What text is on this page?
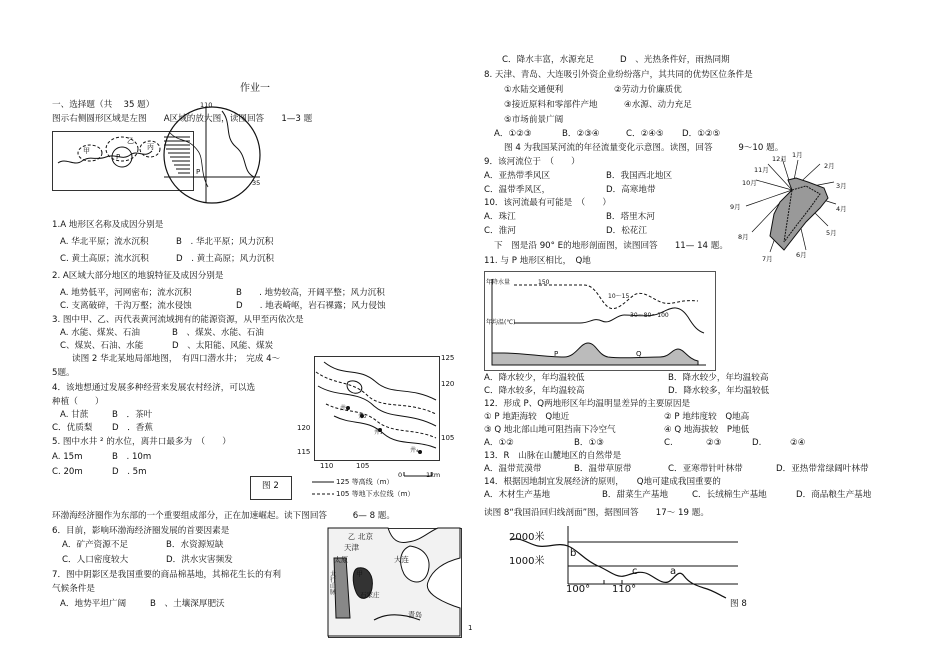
作业一
一、选择题（共　 35 题）
图示右侧圆形区域是左图　　A区域的放大图，读图回答　　1—3 题
甲
乙
丙
P
110
35
P
1.A 地形区名称及成因分别是
A. 华北平原；流水沉积	B　. 华北平原；风力沉积
C. 黄土高原；流水沉积	D　. 黄土高原；风力沉积
2. A区域大部分地区的地貌特征及成因分别是
A. 地势低平，河网密布；流水沉积	B　　. 地势较高，开阔平整；风力沉积
C. 支离破碎，千沟万壑；流水侵蚀	D　　. 地表崎岖，岩石裸露；风力侵蚀
3. 图中甲、乙、丙代表黄河流域拥有的能源资源，从甲至丙依次是
A. 水能、煤炭、石油	B　、煤炭、水能、石油
C、煤炭、石油、水能	D　、太阳能、风能、煤炭
读图 2 华北某地局部地图，　有四口潜水井；　完成 4～
5题。
4．该地想通过发展多种经营来发展农村经济，可以选
种植（　　）
A. 甘蔗	B　．茶叶
C．优质梨 D　．香蕉
5. 图中水井 ² 的水位，离井口最多为　（　　）
A. 15m	B　. 10m
C. 20m	D　. 5m
井₁
井₂
井₃
井₄
125
120
105
120
115
110	105
0	1km
125 等高线（m）
105 等地下水位线（m）
图 2
环渤海经济圈作为东部的一个重要组成部分，正在加速崛起。读下图回答　　　6— 8 题。
6．目前，影响环渤海经济圈发展的首要因素是
A．矿产资源不足	B．水资源短缺
C．人口密度较大	D．洪水灾害频发
7．图中阴影区是我国重要的商品棉基地，其棉花生长的有利
气候条件是
A．地势平坦广阔	B　、土壤深厚肥沃
乙 北京
天津
太原	大连
甲
石家庄
青岛
太行山脉
1
C．降水丰富，水源充足	D　、光热条件好，雨热同期
8. 天津、青岛、大连吸引外资企业纷纷落户，其共同的优势区位条件是
①水陆交通便利	②劳动力价廉质优
③接近原料和零部件产地	④水源、动力充足
⑤市场前景广阔
A．①②③	B．②③④	C．②④⑤ D．①②⑤
图 4 为我国某河流的年径流量变化示意图。读图，回答　　　9～10 题。
9．该河流位于　（　　）
A．亚热带季风区	B．我国西北地区
C．温带季风区，	D．高寒地带
10．该河流最有可能是　（　　）
A．珠江	B．塔里木河
C．淮河	D．松花江
1月
2月
3月
4月
5月
6月
7月
8月
9月
10月
11月
12月
下　图是沿 90° E的地形剖面图，读图回答　　11— 14 题。
11. 与 P 地形区相比，　Q地
年降水量
年均温(℃)
150
10～15
30～80～100
P	Q
A．降水较少，年均温较低	B．降水较少，年均温较高
C．降水较多，年均温较高	D．降水较多，年均温较低
12．形成 P、Q两地形区年均温明显差异的主要原因是
① P 地距海较　Q地近	② P 地纬度较　Q地高
③ Q 地北部山地可阻挡南下冷空气	④ Q 地海拔较　P地低
A．①②	B．①③	C.	②③	D.	②④
13．R　山脉在山麓地区的自然带是
A．温带荒漠带	B．温带草原带	C．亚寒带针叶林带	D．亚热带常绿阔叶林带
14．根据因地制宜发展经济的原则，　　Q地可建成我国重要的
A．木材生产基地	B．甜菜生产基地	C．长绒棉生产基地	D．商品粮生产基地
读图 8“我国沿回归线剖面”图，据图回答　　17～ 19 题。
2000米
1000米
b
c	a
100° 110°
图 8
